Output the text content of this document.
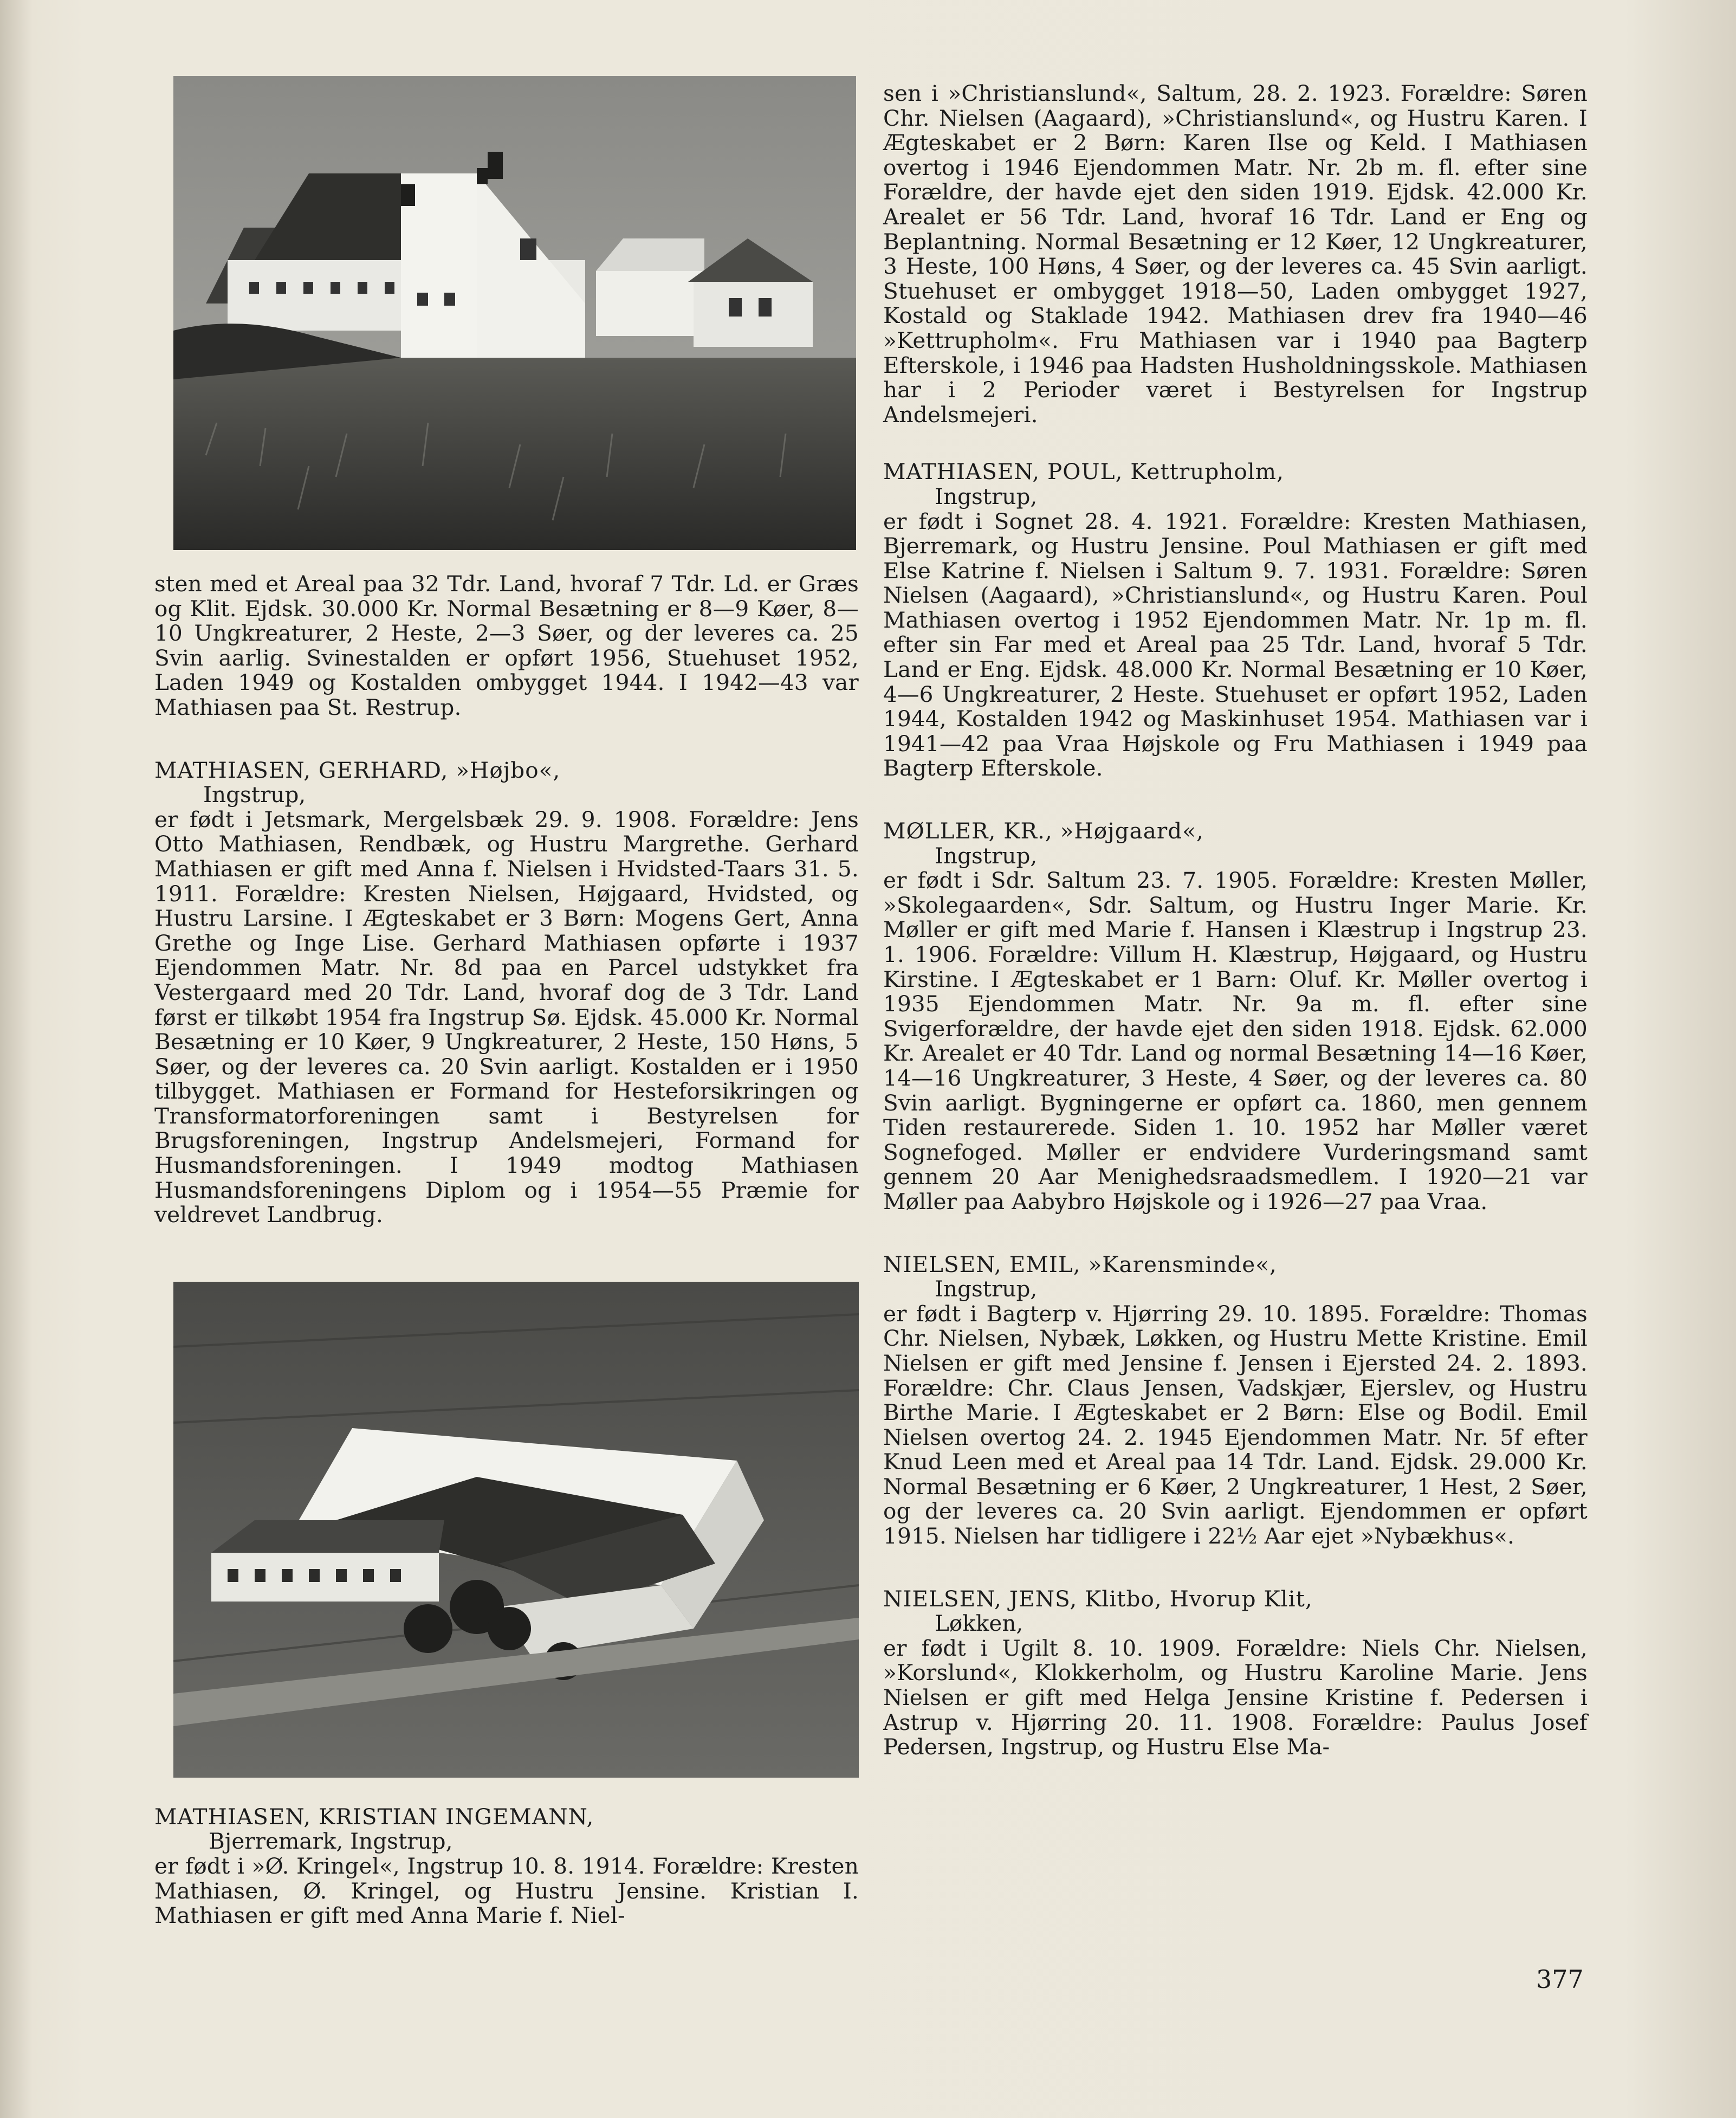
sten med et Areal paa 32 Tdr. Land, hvoraf 7 Tdr. Ld. er Græs og Klit. Ejdsk. 30.000 Kr. Normal Besætning er 8—9 Køer, 8—10 Ungkreaturer, 2 Heste, 2—3 Søer, og der leveres ca. 25 Svin aarlig. Svinestalden er opført 1956, Stuehuset 1952, Laden 1949 og Kostalden ombygget 1944. I 1942—43 var Mathiasen paa St. Restrup.

MATHIASEN, GERHARD, »Højbo«,
Ingstrup,

er født i Jetsmark, Mergelsbæk 29. 9. 1908. Forældre: Jens Otto Mathiasen, Rendbæk, og Hustru Margrethe. Gerhard Mathiasen er gift med Anna f. Nielsen i Hvidsted-Taars 31. 5. 1911. Forældre: Kresten Nielsen, Højgaard, Hvidsted, og Hustru Larsine. I Ægteskabet er 3 Børn: Mogens Gert, Anna Grethe og Inge Lise. Gerhard Mathiasen opførte i 1937 Ejendommen Matr. Nr. 8d paa en Parcel udstykket fra Vestergaard med 20 Tdr. Land, hvoraf dog de 3 Tdr. Land først er tilkøbt 1954 fra Ingstrup Sø. Ejdsk. 45.000 Kr. Normal Besætning er 10 Køer, 9 Ungkreaturer, 2 Heste, 150 Høns, 5 Søer, og der leveres ca. 20 Svin aarligt. Kostalden er i 1950 tilbygget. Mathiasen er Formand for Hesteforsikringen og Transformatorforeningen samt i Bestyrelsen for Brugsforeningen, Ingstrup Andelsmejeri, Formand for Husmandsforeningen. I 1949 modtog Mathiasen Husmandsforeningens Diplom og i 1954—55 Præmie for veldrevet Landbrug.

MATHIASEN, KRISTIAN INGEMANN,
Bjerremark, Ingstrup,

er født i »Ø. Kringel«, Ingstrup 10. 8. 1914. Forældre: Kresten Mathiasen, Ø. Kringel, og Hustru Jensine. Kristian I. Mathiasen er gift med Anna Marie f. Niel-

sen i »Christianslund«, Saltum, 28. 2. 1923. Forældre: Søren Chr. Nielsen (Aagaard), »Christianslund«, og Hustru Karen. I Ægteskabet er 2 Børn: Karen Ilse og Keld. I Mathiasen overtog i 1946 Ejendommen Matr. Nr. 2b m. fl. efter sine Forældre, der havde ejet den siden 1919. Ejdsk. 42.000 Kr. Arealet er 56 Tdr. Land, hvoraf 16 Tdr. Land er Eng og Beplantning. Normal Besætning er 12 Køer, 12 Ungkreaturer, 3 Heste, 100 Høns, 4 Søer, og der leveres ca. 45 Svin aarligt. Stuehuset er ombygget 1918—50, Laden ombygget 1927, Kostald og Staklade 1942. Mathiasen drev fra 1940—46 »Kettrupholm«. Fru Mathiasen var i 1940 paa Bagterp Efterskole, i 1946 paa Hadsten Husholdningsskole. Mathiasen har i 2 Perioder været i Bestyrelsen for Ingstrup Andelsmejeri.

MATHIASEN, POUL, Kettrupholm,
Ingstrup,

er født i Sognet 28. 4. 1921. Forældre: Kresten Mathiasen, Bjerremark, og Hustru Jensine. Poul Mathiasen er gift med Else Katrine f. Nielsen i Saltum 9. 7. 1931. Forældre: Søren Nielsen (Aagaard), »Christianslund«, og Hustru Karen. Poul Mathiasen overtog i 1952 Ejendommen Matr. Nr. 1p m. fl. efter sin Far med et Areal paa 25 Tdr. Land, hvoraf 5 Tdr. Land er Eng. Ejdsk. 48.000 Kr. Normal Besætning er 10 Køer, 4—6 Ungkreaturer, 2 Heste. Stuehuset er opført 1952, Laden 1944, Kostalden 1942 og Maskinhuset 1954. Mathiasen var i 1941—42 paa Vraa Højskole og Fru Mathiasen i 1949 paa Bagterp Efterskole.

MØLLER, KR., »Højgaard«,
Ingstrup,

er født i Sdr. Saltum 23. 7. 1905. Forældre: Kresten Møller, »Skolegaarden«, Sdr. Saltum, og Hustru Inger Marie. Kr. Møller er gift med Marie f. Hansen i Klæstrup i Ingstrup 23. 1. 1906. Forældre: Villum H. Klæstrup, Højgaard, og Hustru Kirstine. I Ægteskabet er 1 Barn: Oluf. Kr. Møller overtog i 1935 Ejendommen Matr. Nr. 9a m. fl. efter sine Svigerforældre, der havde ejet den siden 1918. Ejdsk. 62.000 Kr. Arealet er 40 Tdr. Land og normal Besætning 14—16 Køer, 14—16 Ungkreaturer, 3 Heste, 4 Søer, og der leveres ca. 80 Svin aarligt. Bygningerne er opført ca. 1860, men gennem Tiden restaurerede. Siden 1. 10. 1952 har Møller været Sognefoged. Møller er endvidere Vurderingsmand samt gennem 20 Aar Menighedsraadsmedlem. I 1920—21 var Møller paa Aabybro Højskole og i 1926—27 paa Vraa.

NIELSEN, EMIL, »Karensminde«,
Ingstrup,

er født i Bagterp v. Hjørring 29. 10. 1895. Forældre: Thomas Chr. Nielsen, Nybæk, Løkken, og Hustru Mette Kristine. Emil Nielsen er gift med Jensine f. Jensen i Ejersted 24. 2. 1893. Forældre: Chr. Claus Jensen, Vadskjær, Ejerslev, og Hustru Birthe Marie. I Ægteskabet er 2 Børn: Else og Bodil. Emil Nielsen overtog 24. 2. 1945 Ejendommen Matr. Nr. 5f efter Knud Leen med et Areal paa 14 Tdr. Land. Ejdsk. 29.000 Kr. Normal Besætning er 6 Køer, 2 Ungkreaturer, 1 Hest, 2 Søer, og der leveres ca. 20 Svin aarligt. Ejendommen er opført 1915. Nielsen har tidligere i 22½ Aar ejet »Nybækhus«.

NIELSEN, JENS, Klitbo, Hvorup Klit,
Løkken,

er født i Ugilt 8. 10. 1909. Forældre: Niels Chr. Nielsen, »Korslund«, Klokkerholm, og Hustru Karoline Marie. Jens Nielsen er gift med Helga Jensine Kristine f. Pedersen i Astrup v. Hjørring 20. 11. 1908. Forældre: Paulus Josef Pedersen, Ingstrup, og Hustru Else Ma-

377
